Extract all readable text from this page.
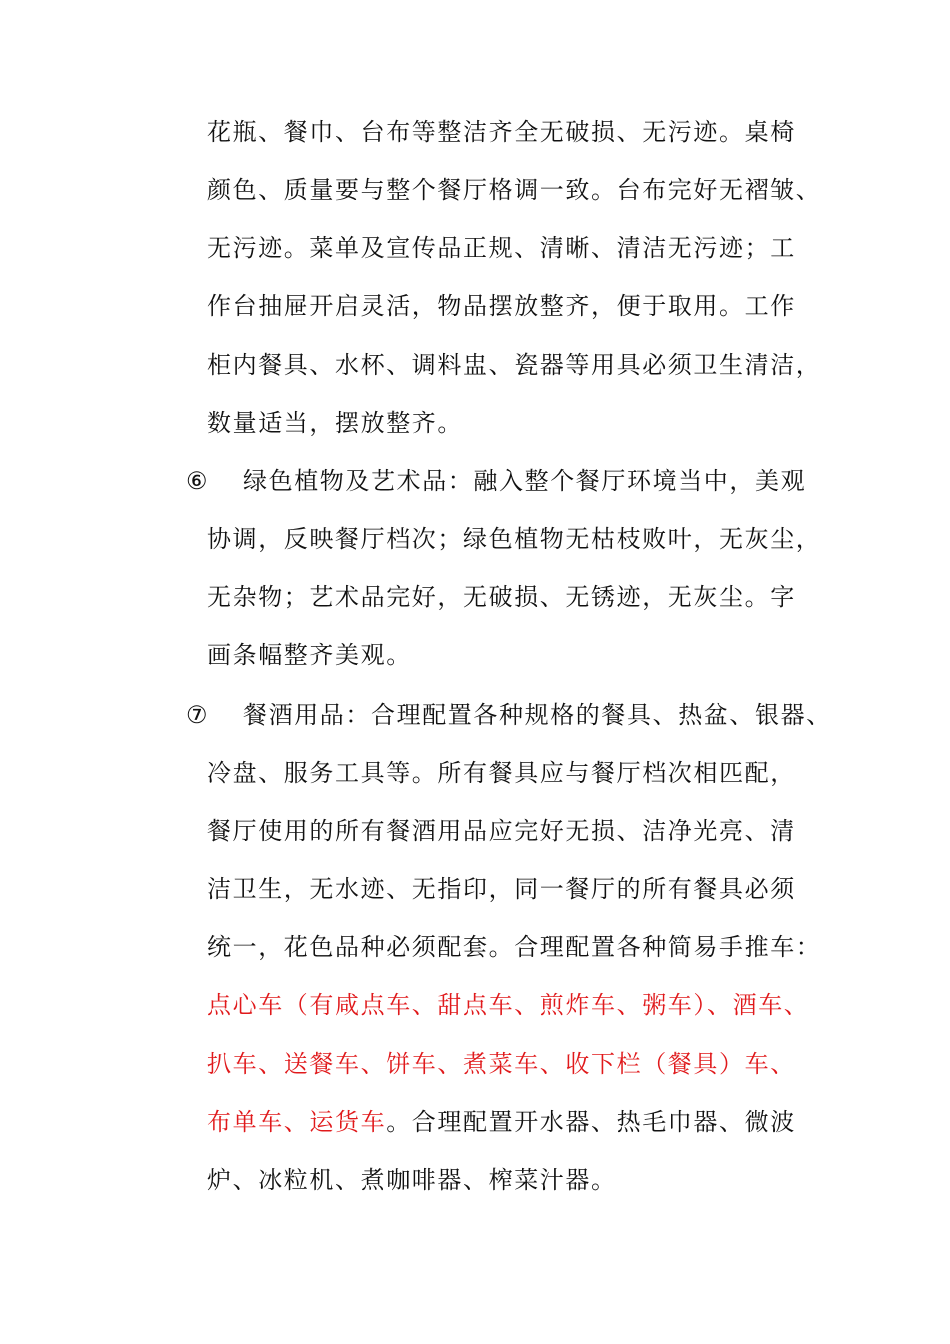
花瓶、餐巾、台布等整洁齐全无破损、无污迹。桌椅
颜色、质量要与整个餐厅格调一致。台布完好无褶皱、
无污迹。菜单及宣传品正规、清晰、清洁无污迹；工
作台抽屉开启灵活，物品摆放整齐，便于取用。工作
柜内餐具、水杯、调料盅、瓷器等用具必须卫生清洁，
数量适当，摆放整齐。
⑥ 绿色植物及艺术品：融入整个餐厅环境当中，美观
协调，反映餐厅档次；绿色植物无枯枝败叶，无灰尘，
无杂物；艺术品完好，无破损、无锈迹，无灰尘。字
画条幅整齐美观。
⑦ 餐酒用品：合理配置各种规格的餐具、热盆、银器、
冷盘、服务工具等。所有餐具应与餐厅档次相匹配，
餐厅使用的所有餐酒用品应完好无损、洁净光亮、清
洁卫生，无水迹、无指印，同一餐厅的所有餐具必须
统一，花色品种必须配套。合理配置各种简易手推车：
点心车（有咸点车、甜点车、煎炸车、粥车）、酒车、
扒车、送餐车、饼车、煮菜车、收下栏（餐具）车、
布单车、运货车。合理配置开水器、热毛巾器、微波
炉、冰粒机、煮咖啡器、榨菜汁器。
